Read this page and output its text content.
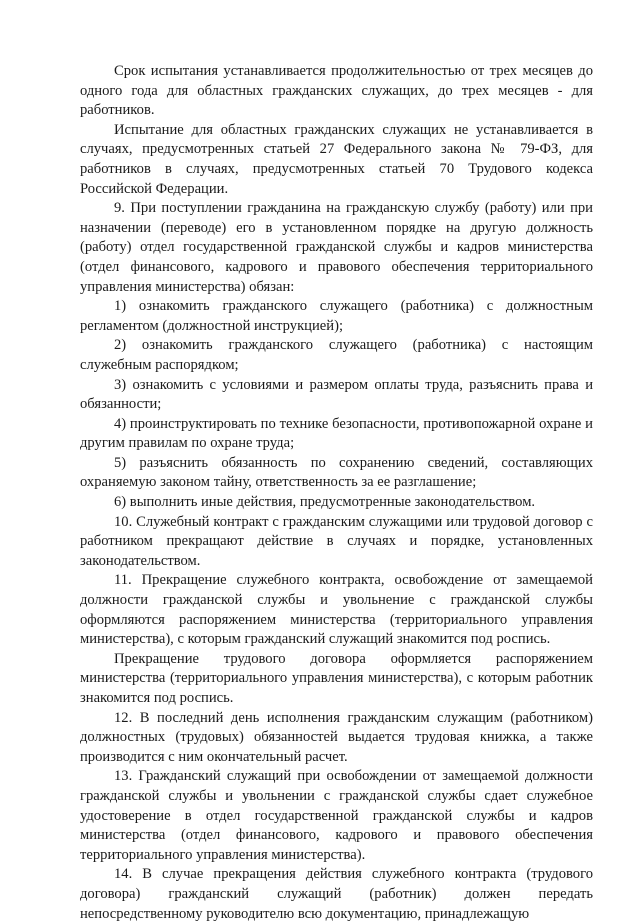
Срок испытания устанавливается продолжительностью от трех месяцев до одного года для областных гражданских служащих, до трех месяцев - для работников.

Испытание для областных гражданских служащих не устанавливается в случаях, предусмотренных статьей 27 Федерального закона № 79-ФЗ, для работников в случаях, предусмотренных статьей 70 Трудового кодекса Российской Федерации.

9. При поступлении гражданина на гражданскую службу (работу) или при назначении (переводе) его в установленном порядке на другую должность (работу) отдел государственной гражданской службы и кадров министерства (отдел финансового, кадрового и правового обеспечения территориального управления министерства) обязан:

1) ознакомить гражданского служащего (работника) с должностным регламентом (должностной инструкцией);

2) ознакомить гражданского служащего (работника) с настоящим служебным распорядком;

3) ознакомить с условиями и размером оплаты труда, разъяснить права и обязанности;

4) проинструктировать по технике безопасности, противопожарной охране и другим правилам по охране труда;

5) разъяснить обязанность по сохранению сведений, составляющих охраняемую законом тайну, ответственность за ее разглашение;

6) выполнить иные действия, предусмотренные законодательством.

10. Служебный контракт с гражданским служащими или трудовой договор с работником прекращают действие в случаях и порядке, установленных законодательством.

11. Прекращение служебного контракта, освобождение от замещаемой должности гражданской службы и увольнение с гражданской службы оформляются распоряжением министерства (территориального управления министерства), с которым гражданский служащий знакомится под роспись.

Прекращение трудового договора оформляется распоряжением министерства (территориального управления министерства), с которым работник знакомится под роспись.

12. В последний день исполнения гражданским служащим (работником) должностных (трудовых) обязанностей выдается трудовая книжка, а также производится с ним окончательный расчет.

13. Гражданский служащий при освобождении от замещаемой должности гражданской службы и увольнении с гражданской службы сдает служебное удостоверение в отдел государственной гражданской службы и кадров министерства (отдел финансового, кадрового и правового обеспечения территориального управления министерства).

14. В случае прекращения действия служебного контракта (трудового договора) гражданский служащий (работник) должен передать непосредственному руководителю всю документацию, принадлежащую
